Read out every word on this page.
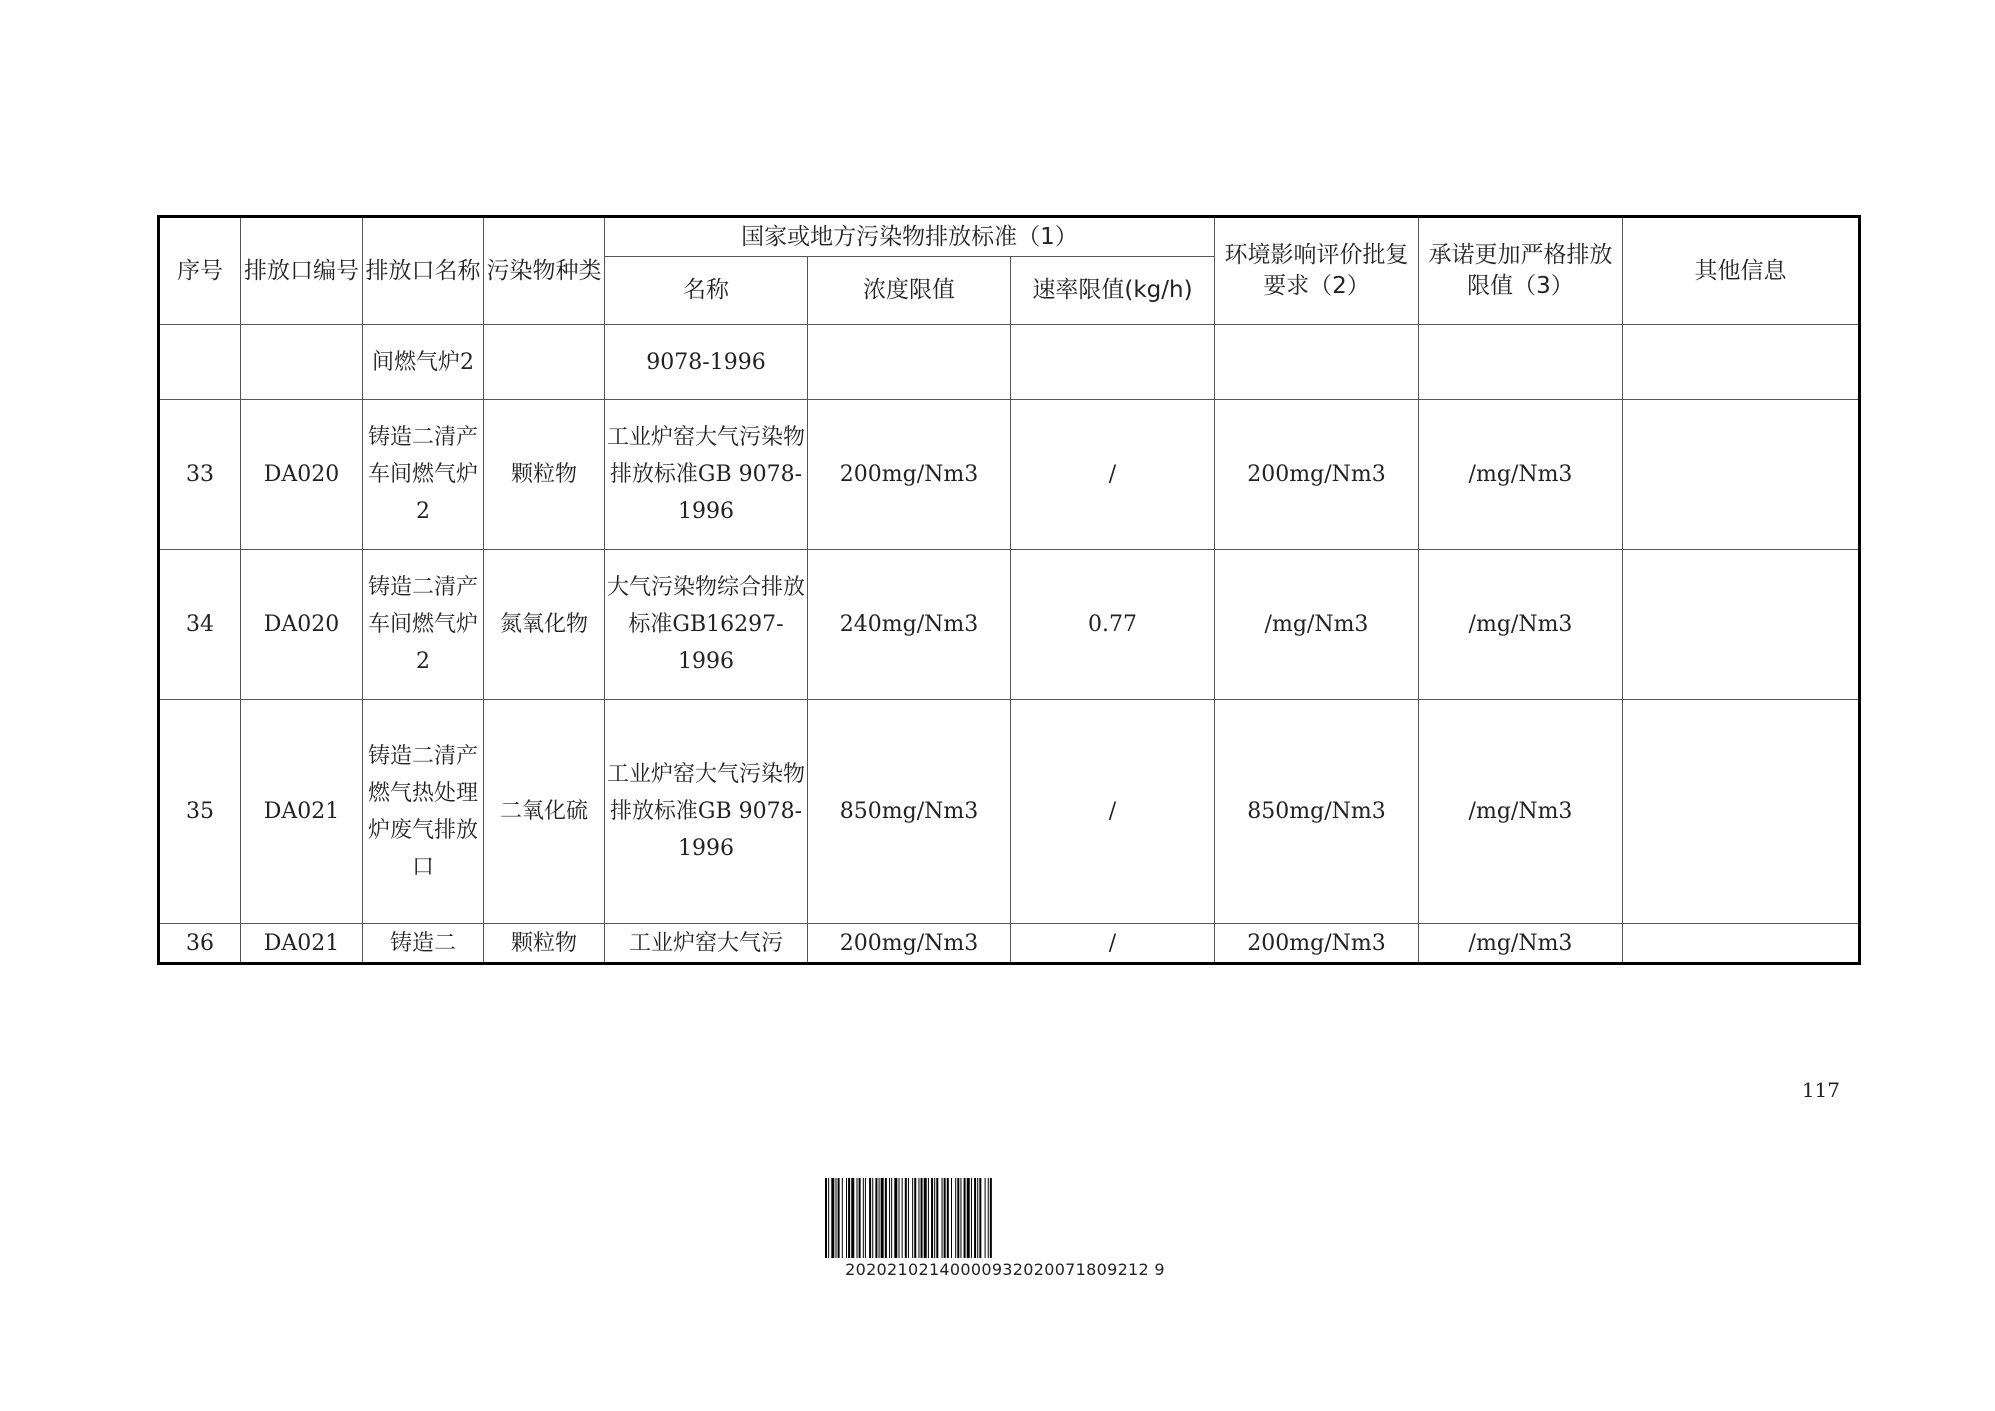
序号	排放口编号	排放口名称	污染物种类	国家或地方污染物排放标准（1）			环境影响评价批复要求（2）	承诺更加严格排放限值（3）	其他信息
				名称	浓度限值	速率限值(kg/h)			
		间燃气炉2		9078-1996					
33	DA020	铸造二清产车间燃气炉2	颗粒物	工业炉窑大气污染物排放标准GB 9078-1996	200mg/Nm3	/	200mg/Nm3	/mg/Nm3	
34	DA020	铸造二清产车间燃气炉2	氮氧化物	大气污染物综合排放标准GB16297-1996	240mg/Nm3	0.77	/mg/Nm3	/mg/Nm3	
35	DA021	铸造二清产燃气热处理炉废气排放口	二氧化硫	工业炉窑大气污染物排放标准GB 9078-1996	850mg/Nm3	/	850mg/Nm3	/mg/Nm3	
36	DA021	铸造二	颗粒物	工业炉窑大气污	200mg/Nm3	/	200mg/Nm3	/mg/Nm3	
117
20202102140000932020071809212 9
